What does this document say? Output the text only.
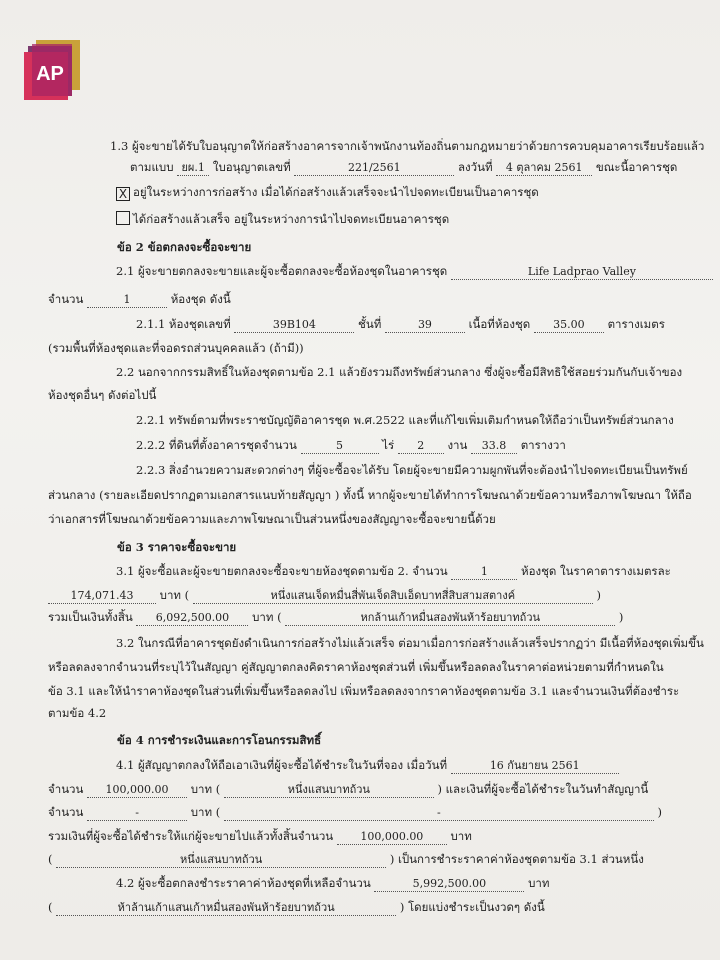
AP
1.3 ผู้จะขายได้รับใบอนุญาตให้ก่อสร้างอาคารจากเจ้าพนักงานท้องถิ่นตามกฎหมายว่าด้วยการควบคุมอาคารเรียบร้อยแล้ว
ตามแบบ ยผ.1 ใบอนุญาตเลขที่	221/2561	ลงวันที่ 4 ตุลาคม 2561 ขณะนี้อาคารชุด
X อยู่ในระหว่างการก่อสร้าง เมื่อได้ก่อสร้างแล้วเสร็จจะนำไปจดทะเบียนเป็นอาคารชุด
ได้ก่อสร้างแล้วเสร็จ อยู่ในระหว่างการนำไปจดทะเบียนอาคารชุด
ข้อ 2 ข้อตกลงจะซื้อจะขาย
2.1 ผู้จะขายตกลงจะขายและผู้จะซื้อตกลงจะซื้อห้องชุดในอาคารชุด	Life Ladprao Valley
จำนวน	1	ห้องชุด ดังนี้
2.1.1 ห้องชุดเลขที่	39B104	ชั้นที่	39	เนื้อที่ห้องชุด 35.00 ตารางเมตร
(รวมพื้นที่ห้องชุดและที่จอดรถส่วนบุคคลแล้ว (ถ้ามี))
2.2 นอกจากกรรมสิทธิ์ในห้องชุดตามข้อ 2.1 แล้วยังรวมถึงทรัพย์ส่วนกลาง ซึ่งผู้จะซื้อมีสิทธิใช้สอยร่วมกันกับเจ้าของ
ห้องชุดอื่นๆ ดังต่อไปนี้
2.2.1 ทรัพย์ตามที่พระราชบัญญัติอาคารชุด พ.ศ.2522 และที่แก้ไขเพิ่มเติมกำหนดให้ถือว่าเป็นทรัพย์ส่วนกลาง
2.2.2 ที่ดินที่ตั้งอาคารชุดจำนวน	5	ไร่ 2 งาน 33.8 ตารางวา
2.2.3 สิ่งอำนวยความสะดวกต่างๆ ที่ผู้จะซื้อจะได้รับ โดยผู้จะขายมีความผูกพันที่จะต้องนำไปจดทะเบียนเป็นทรัพย์
ส่วนกลาง (รายละเอียดปรากฏตามเอกสารแนบท้ายสัญญา ) ทั้งนี้ หากผู้จะขายได้ทำการโฆษณาด้วยข้อความหรือภาพโฆษณา ให้ถือ
ว่าเอกสารที่โฆษณาด้วยข้อความและภาพโฆษณาเป็นส่วนหนึ่งของสัญญาจะซื้อจะขายนี้ด้วย
ข้อ 3 ราคาจะซื้อจะขาย
3.1 ผู้จะซื้อและผู้จะขายตกลงจะซื้อจะขายห้องชุดตามข้อ 2. จำนวน	1	ห้องชุด ในราคาตารางเมตรละ
174,071.43 บาท (	หนึ่งแสนเจ็ดหมื่นสี่พันเจ็ดสิบเอ็ดบาทสี่สิบสามสตางค์	)
รวมเป็นเงินทั้งสิ้น 6,092,500.00 บาท (	หกล้านเก้าหมื่นสองพันห้าร้อยบาทถ้วน	)
3.2 ในกรณีที่อาคารชุดยังดำเนินการก่อสร้างไม่แล้วเสร็จ ต่อมาเมื่อการก่อสร้างแล้วเสร็จปรากฏว่า มีเนื้อที่ห้องชุดเพิ่มขึ้น
หรือลดลงจากจำนวนที่ระบุไว้ในสัญญา คู่สัญญาตกลงคิดราคาห้องชุดส่วนที่ เพิ่มขึ้นหรือลดลงในราคาต่อหน่วยตามที่กำหนดใน
ข้อ 3.1 และให้นำราคาห้องชุดในส่วนที่เพิ่มขึ้นหรือลดลงไป เพิ่มหรือลดลงจากราคาห้องชุดตามข้อ 3.1 และจำนวนเงินที่ต้องชำระ
ตามข้อ 4.2
ข้อ 4 การชำระเงินและการโอนกรรมสิทธิ์
4.1 ผู้สัญญาตกลงให้ถือเอาเงินที่ผู้จะซื้อได้ชำระในวันที่จอง เมื่อวันที่	16 กันยายน 2561
จำนวน 100,000.00 บาท (	หนึ่งแสนบาทถ้วน	) และเงินที่ผู้จะซื้อได้ชำระในวันทำสัญญานี้
จำนวน	-	บาท (	-	)
รวมเงินที่ผู้จะซื้อได้ชำระให้แก่ผู้จะขายไปแล้วทั้งสิ้นจำนวน 100,000.00 บาท
(	หนึ่งแสนบาทถ้วน	) เป็นการชำระราคาค่าห้องชุดตามข้อ 3.1 ส่วนหนึ่ง
4.2 ผู้จะซื้อตกลงชำระราคาค่าห้องชุดที่เหลือจำนวน	5,992,500.00	บาท
(	ห้าล้านเก้าแสนเก้าหมื่นสองพันห้าร้อยบาทถ้วน	) โดยแบ่งชำระเป็นงวดๆ ดังนี้
